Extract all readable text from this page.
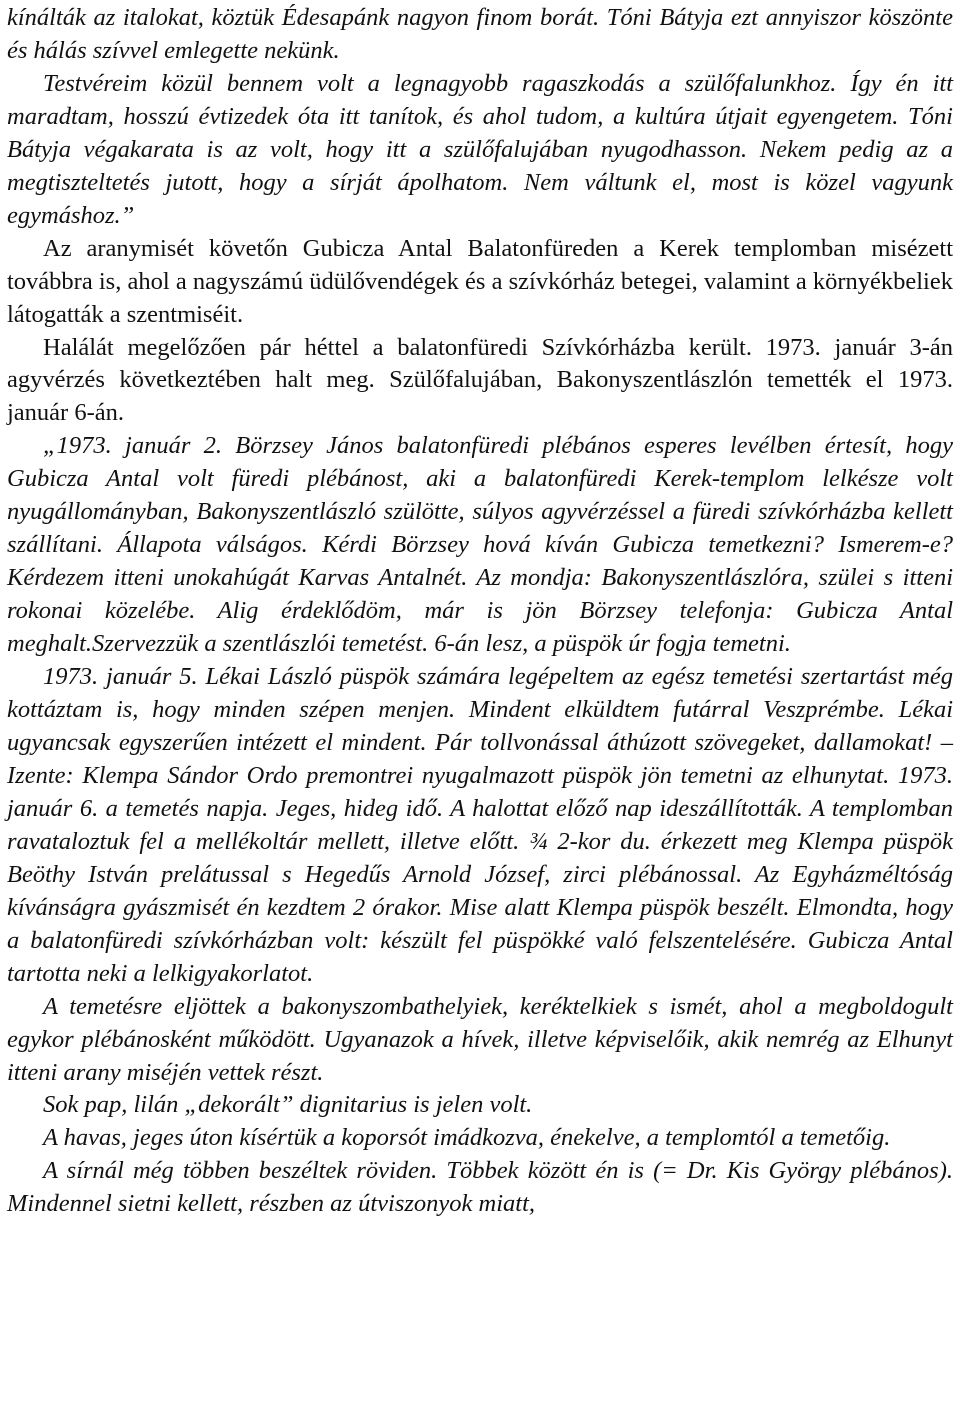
kínálták az italokat, köztük Édesapánk nagyon finom borát. Tóni Bátyja ezt annyiszor köszönte és hálás szívvel emlegette nekünk.

Testvéreim közül bennem volt a legnagyobb ragaszkodás a szülőfalunkhoz. Így én itt maradtam, hosszú évtizedek óta itt tanítok, és ahol tudom, a kultúra útjait egyengetem. Tóni Bátyja végakarata is az volt, hogy itt a szülőfalujában nyugodhasson. Nekem pedig az a megtiszteltetés jutott, hogy a sírját ápolhatom. Nem váltunk el, most is közel vagyunk egymáshoz.”

Az aranymisét követőn Gubicza Antal Balatonfüreden a Kerek templomban misézett továbbra is, ahol a nagyszámú üdülővendégek és a szívkórház betegei, valamint a környékbeliek látogatták a szentmiséit.

Halálát megelőzően pár héttel a balatonfüredi Szívkórházba került. 1973. január 3-án agyvérzés következtében halt meg. Szülőfalujában, Bakonyszentlászlón temették el 1973. január 6-án.

„1973. január 2. Börzsey János balatonfüredi plébános esperes levélben értesít, hogy Gubicza Antal volt füredi plébánost, aki a balatonfüredi Kerek-templom lelkésze volt nyugállományban, Bakonyszentlászló szülötte, súlyos agyvérzéssel a füredi szívkórházba kellett szállítani. Állapota válságos. Kérdi Börzsey hová kíván Gubicza temetkezni? Ismerem-e? Kérdezem itteni unokahúgát Karvas Antalnét. Az mondja: Bakonyszentlászlóra, szülei s itteni rokonai közelébe. Alig érdeklődöm, már is jön Börzsey telefonja: Gubicza Antal meghalt.Szervezzük a szentlászlói temetést. 6-án lesz, a püspök úr fogja temetni.

1973. január 5. Lékai László püspök számára legépeltem az egész temetési szertartást még kottáztam is, hogy minden szépen menjen. Mindent elküldtem futárral Veszprémbe. Lékai ugyancsak egyszerűen intézett el mindent. Pár tollvonással áthúzott szövegeket, dallamokat! – Izente: Klempa Sándor Ordo premontrei nyugalmazott püspök jön temetni az elhunytat. 1973. január 6. a temetés napja. Jeges, hideg idő. A halottat előző nap ideszállították. A templomban ravataloztuk fel a mellékoltár mellett, illetve előtt. ¾ 2-kor du. érkezett meg Klempa püspök Beöthy István prelátussal s Hegedűs Arnold József, zirci plébánossal. Az Egyházméltóság kívánságra gyászmisét én kezdtem 2 órakor. Mise alatt Klempa püspök beszélt. Elmondta, hogy a balatonfüredi szívkórházban volt: készült fel püspökké való felszentelésére. Gubicza Antal tartotta neki a lelkigyakorlatot.

A temetésre eljöttek a bakonyszombathelyiek, keréktelkiek s ismét, ahol a megboldogult egykor plébánosként működött. Ugyanazok a hívek, illetve képviselőik, akik nemrég az Elhunyt itteni arany miséjén vettek részt.

Sok pap, lilán „dekorált” dignitarius is jelen volt.

A havas, jeges úton kísértük a koporsót imádkozva, énekelve, a templomtól a temetőig.

A sírnál még többen beszéltek röviden. Többek között én is (= Dr. Kis György plébános). Mindennel sietni kellett, részben az útviszonyok miatt,
